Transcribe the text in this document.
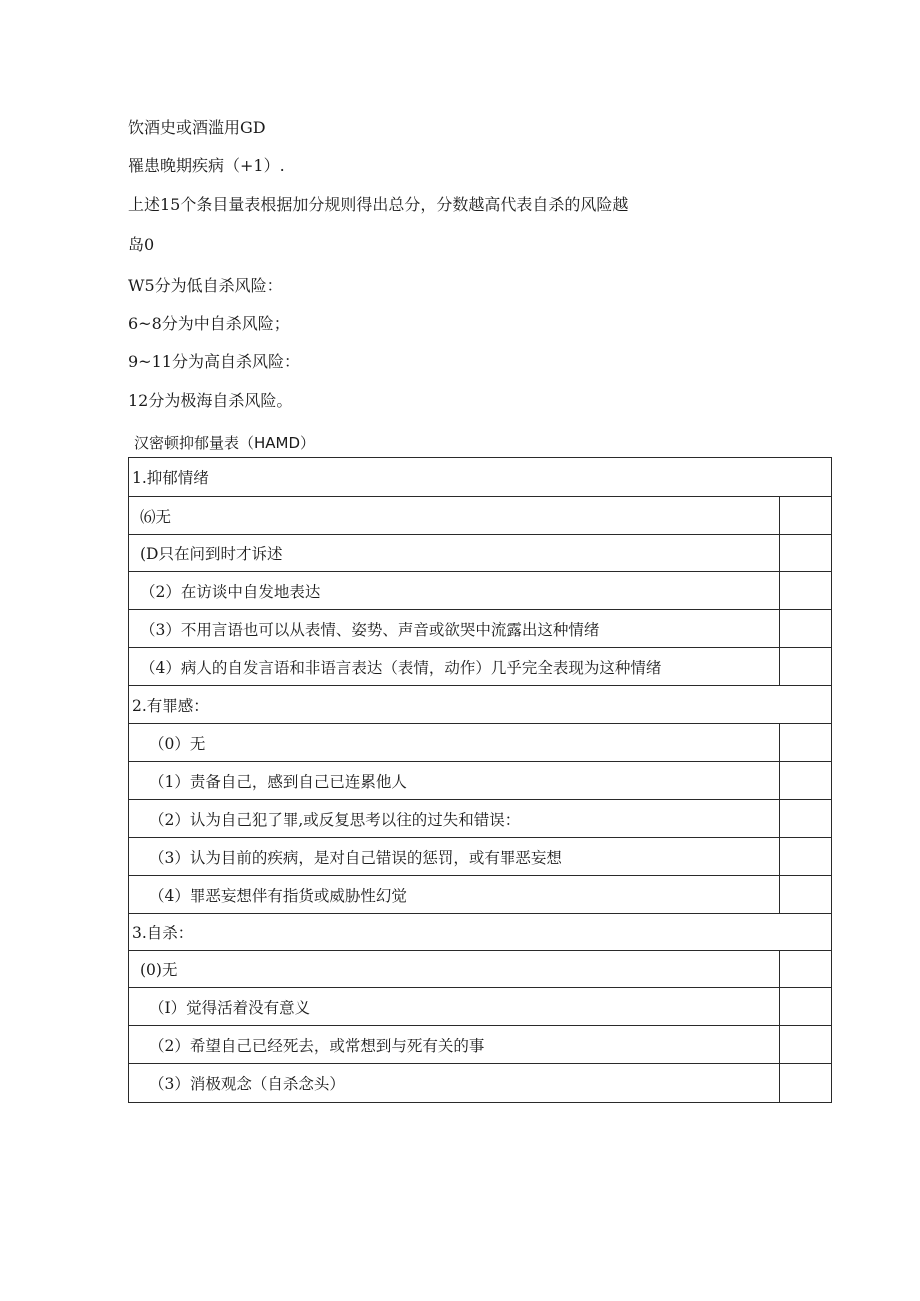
饮酒史或酒滥用GD
罹患晚期疾病（+1）.
上述15个条目量表根据加分规则得出总分，分数越高代表自杀的风险越
岛0
W5分为低自杀风险：
6~8分为中自杀风险；
9~11分为高自杀风险：
12分为极海自杀风险。
汉密顿抑郁量表（HAMD）
1.抑郁情绪	
⑹无	
(D只在问到时才诉述	
（2）在访谈中自发地表达	
（3）不用言语也可以从表情、姿势、声音或欲哭中流露出这种情绪	
（4）病人的自发言语和非语言表达（表情，动作）几乎完全表现为这种情绪	
2.有罪感：	
（0）无	
（1）责备自己，感到自己已连累他人	
（2）认为自己犯了罪,或反复思考以往的过失和错误：	
（3）认为目前的疾病，是对自己错误的惩罚，或有罪恶妄想	
（4）罪恶妄想伴有指货或威胁性幻觉	
3.自杀：	
(0)无	
（I）觉得活着没有意义	
（2）希望自己已经死去，或常想到与死有关的事	
（3）消极观念（自杀念头）	
